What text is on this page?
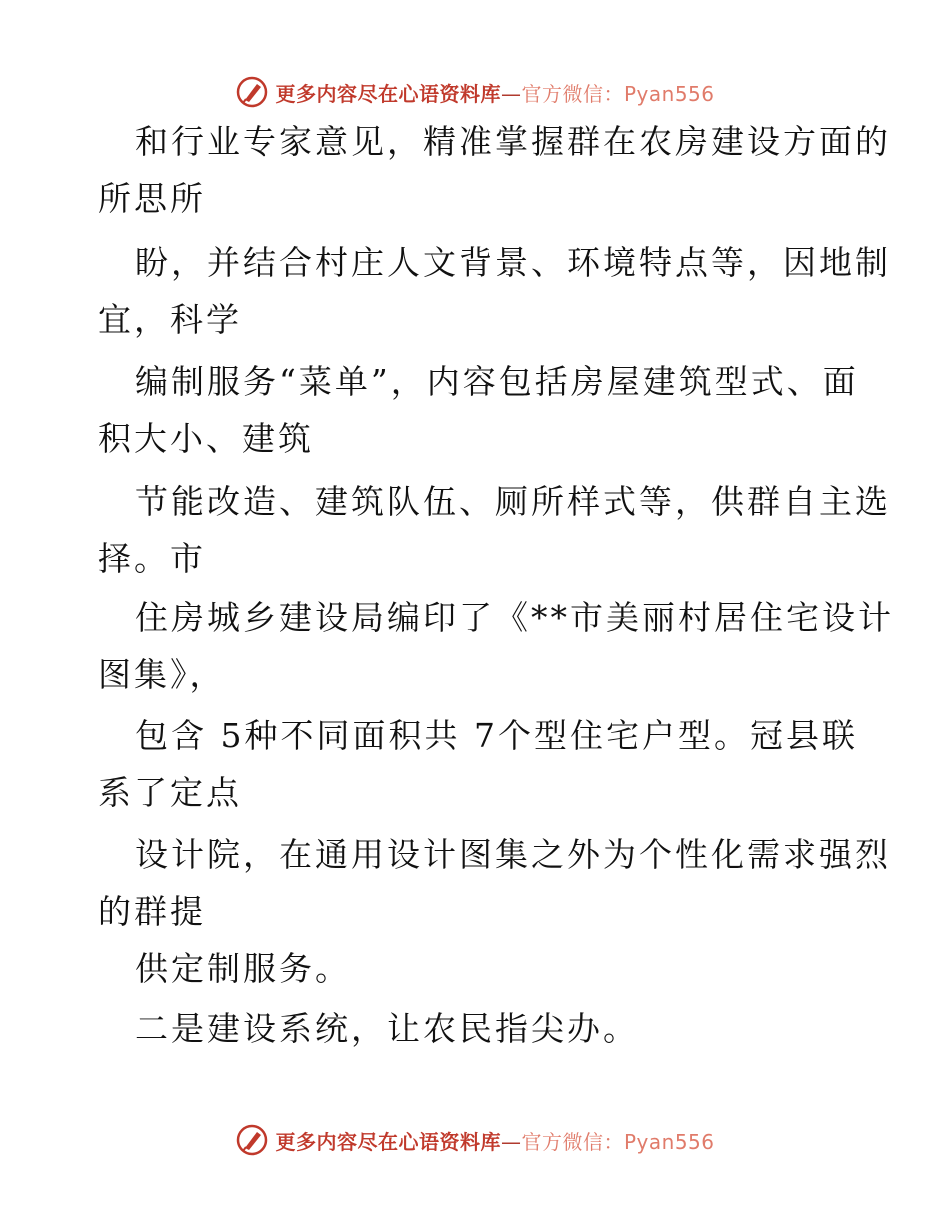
更多内容尽在心语资料库—官方微信：Pyan556
和行业专家意见，精准掌握群在农房建设方面的
所思所
盼，并结合村庄人文背景、环境特点等，因地制
宜，科学
编制服务“菜单”，内容包括房屋建筑型式、面
积大小、建筑
节能改造、建筑队伍、厕所样式等，供群自主选
择。市
住房城乡建设局编印了《**市美丽村居住宅设计
图集》，
包含 5种不同面积共 7个型住宅户型。冠县联
系了定点
设计院，在通用设计图集之外为个性化需求强烈
的群提
供定制服务。
二是建设系统，让农民指尖办。
更多内容尽在心语资料库—官方微信：Pyan556
